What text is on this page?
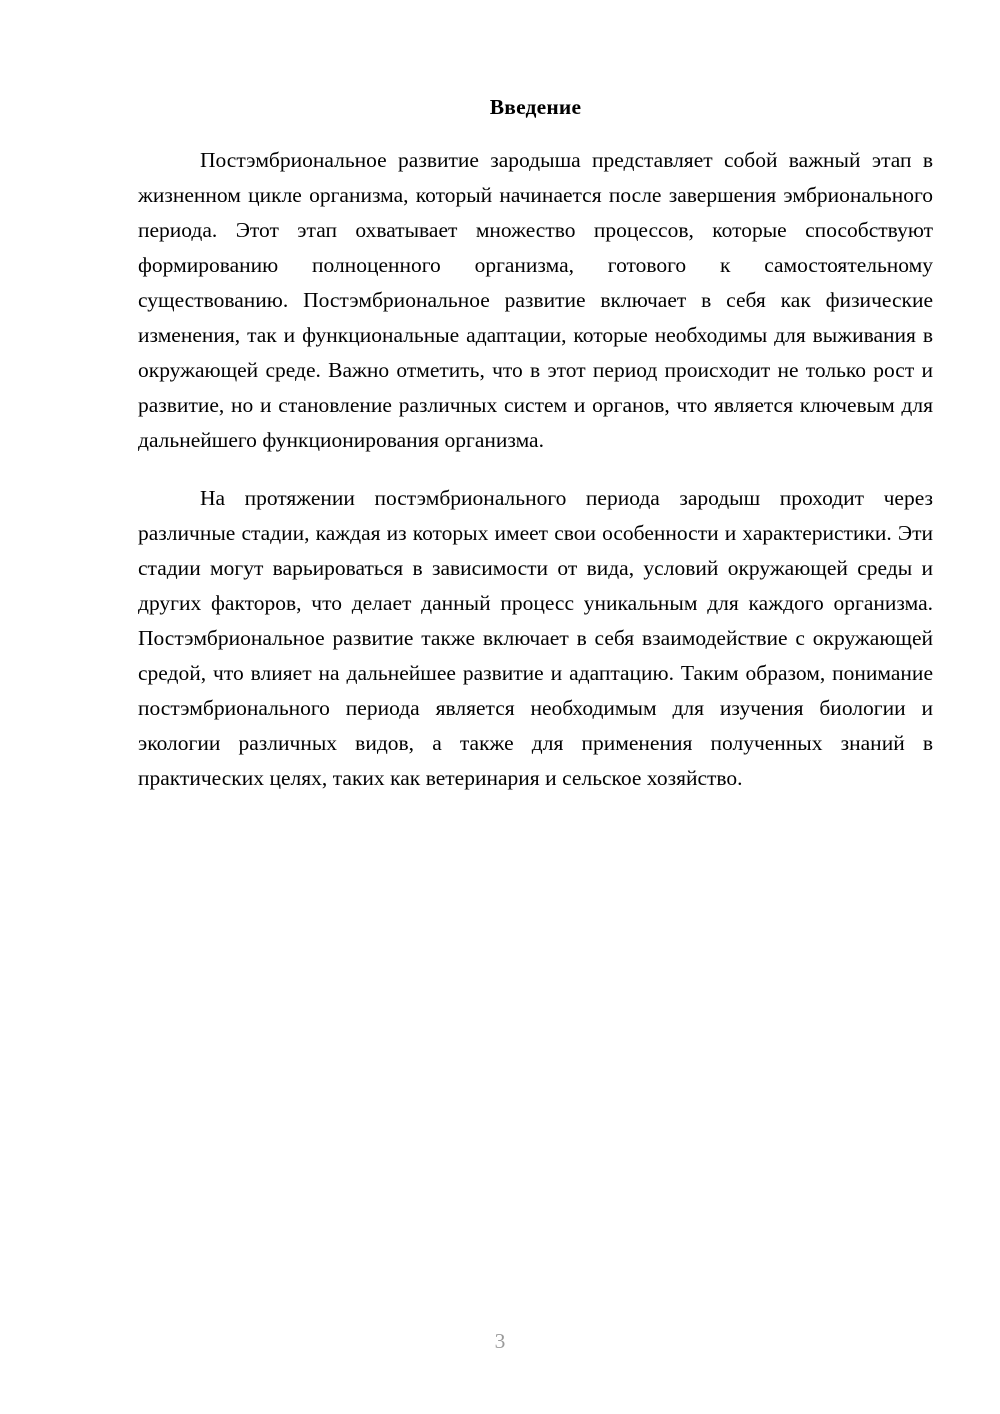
Введение

Постэмбриональное развитие зародыша представляет собой важный этап в жизненном цикле организма, который начинается после завершения эмбрионального периода. Этот этап охватывает множество процессов, которые способствуют формированию полноценного организма, готового к самостоятельному существованию. Постэмбриональное развитие включает в себя как физические изменения, так и функциональные адаптации, которые необходимы для выживания в окружающей среде. Важно отметить, что в этот период происходит не только рост и развитие, но и становление различных систем и органов, что является ключевым для дальнейшего функционирования организма.

На протяжении постэмбрионального периода зародыш проходит через различные стадии, каждая из которых имеет свои особенности и характеристики. Эти стадии могут варьироваться в зависимости от вида, условий окружающей среды и других факторов, что делает данный процесс уникальным для каждого организма. Постэмбриональное развитие также включает в себя взаимодействие с окружающей средой, что влияет на дальнейшее развитие и адаптацию. Таким образом, понимание постэмбрионального периода является необходимым для изучения биологии и экологии различных видов, а также для применения полученных знаний в практических целях, таких как ветеринария и сельское хозяйство.

3
